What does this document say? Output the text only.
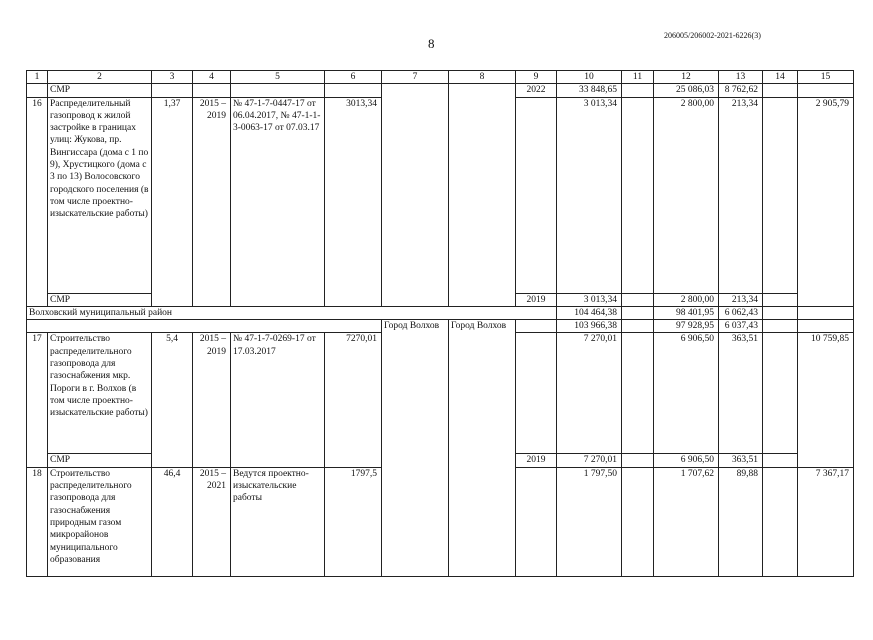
8
206005/206002-2021-6226(3)
1	2	3	4	5	6	7	8	9	10	11	12	13	14	15
	СМР							2022	33 848,65		25 086,03	8 762,62		
16	Распределительный газопровод к жилой застройке в границах улиц: Жукова, пр. Вингиссара (дома с 1 по 9), Хрустицкого (дома с 3 по 13) Волосовского городского поселения (в том числе проектно-изыскательские работы)	1,37	2015 – 2019	№ 47-1-7-0447-17 от 06.04.2017, № 47-1-1-3-0063-17 от 07.03.17	3013,34				3 013,34		2 800,00	213,34		2 905,79
	СМР							2019	3 013,34		2 800,00	213,34		
Волховский муниципальный район									104 464,38		98 401,95	6 062,43		
						Город Волхов	Город Волхов		103 966,38		97 928,95	6 037,43		
17	Строительство распределительного газопровода для газоснабжения мкр. Пороги в г. Волхов (в том числе проектно-изыскательские работы)	5,4	2015 – 2019	№ 47-1-7-0269-17 от 17.03.2017	7270,01				7 270,01		6 906,50	363,51		10 759,85
	СМР							2019	7 270,01		6 906,50	363,51		
18	Строительство распределительного газопровода для газоснабжения природным газом микрорайонов муниципального образования	46,4	2015 – 2021	Ведутся проектно-изыскательские работы	1797,5				1 797,50		1 707,62	89,88		7 367,17
